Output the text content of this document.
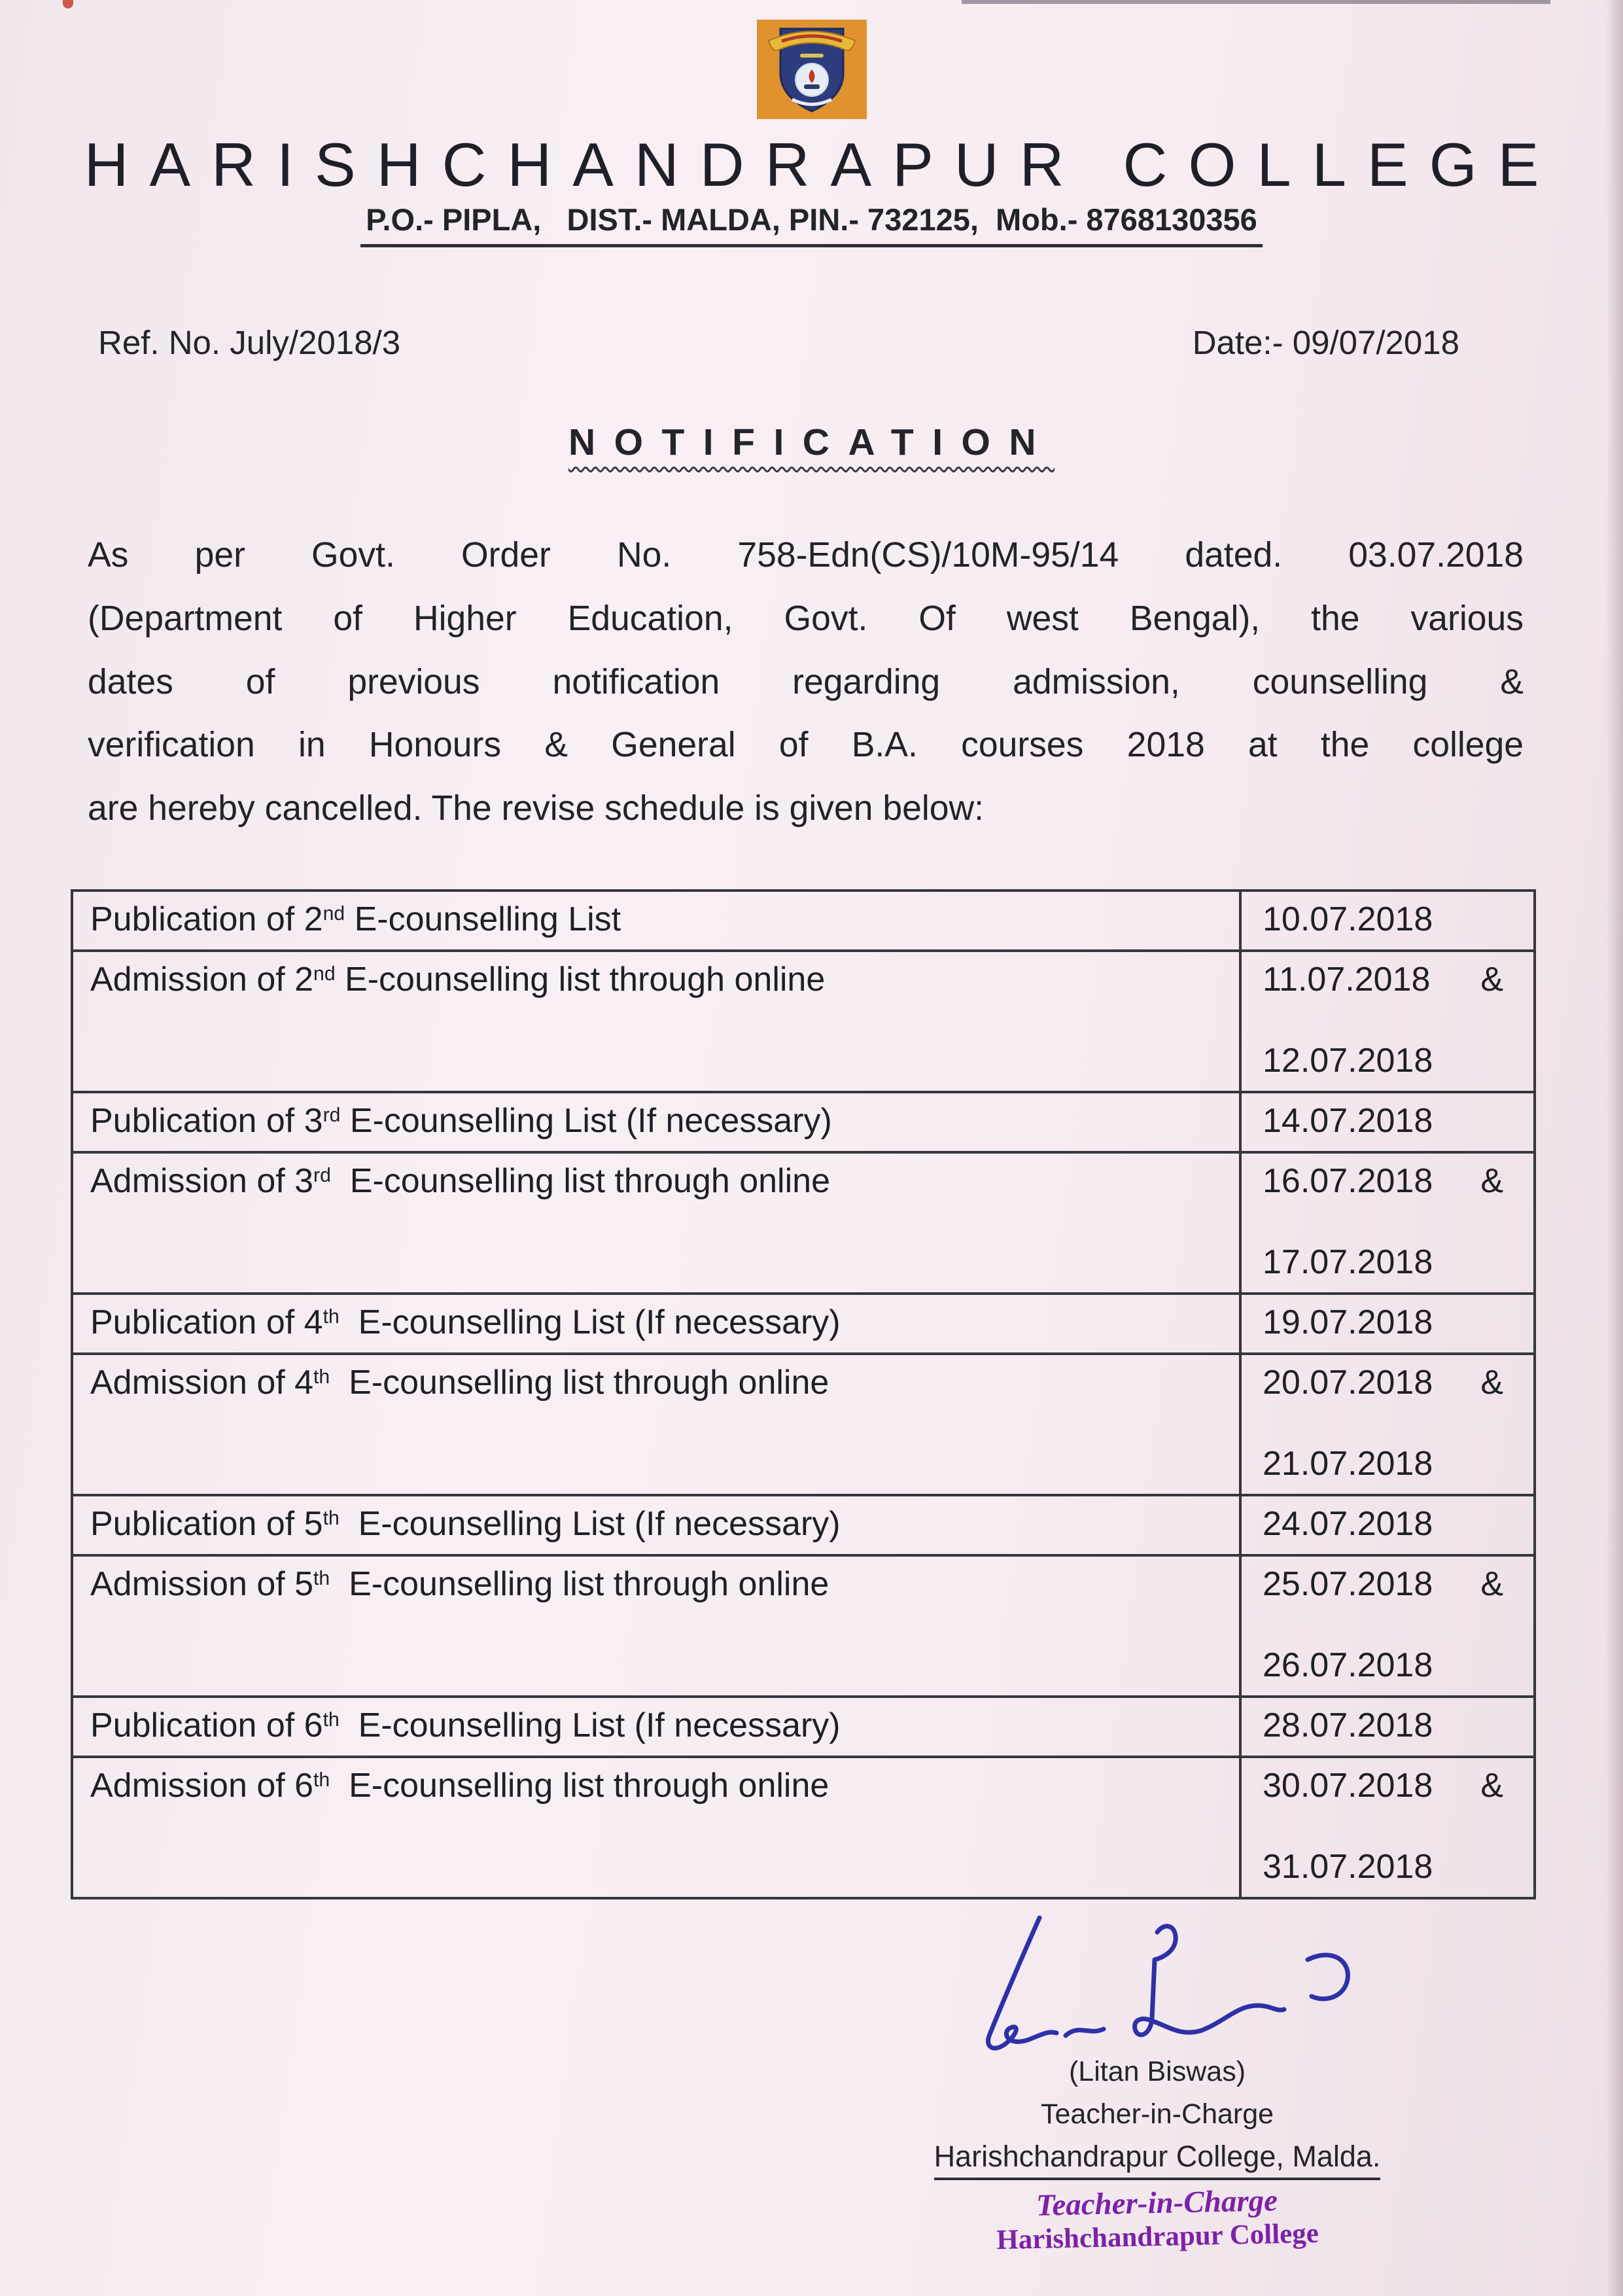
HARISHCHANDRAPUR COLLEGE
P.O.- PIPLA,   DIST.- MALDA, PIN.- 732125,  Mob.- 8768130356
Ref. No. July/2018/3	Date:- 09/07/2018
NOTIFICATION
As per Govt. Order No. 758-Edn(CS)/10M-95/14 dated. 03.07.2018
(Department of Higher Education, Govt. Of west Bengal), the various
dates of previous notification regarding admission, counselling &
verification in Honours & General of B.A. courses 2018 at the college
are hereby cancelled. The revise schedule is given below:
Publication of 2nd E-counselling List	10.07.2018

Admission of 2nd E-counselling list through online	11.07.2018 &
12.07.2018

Publication of 3rd E-counselling List (If necessary)	14.07.2018

Admission of 3rd  E-counselling list through online	16.07.2018 &
17.07.2018

Publication of 4th  E-counselling List (If necessary)	19.07.2018

Admission of 4th  E-counselling list through online	20.07.2018 &
21.07.2018

Publication of 5th  E-counselling List (If necessary)	24.07.2018

Admission of 5th  E-counselling list through online	25.07.2018 &
26.07.2018

Publication of 6th  E-counselling List (If necessary)	28.07.2018

Admission of 6th  E-counselling list through online	30.07.2018 &
31.07.2018
(Litan Biswas)
Teacher-in-Charge
Harishchandrapur College, Malda.
Teacher-in-Charge
Harishchandrapur College
